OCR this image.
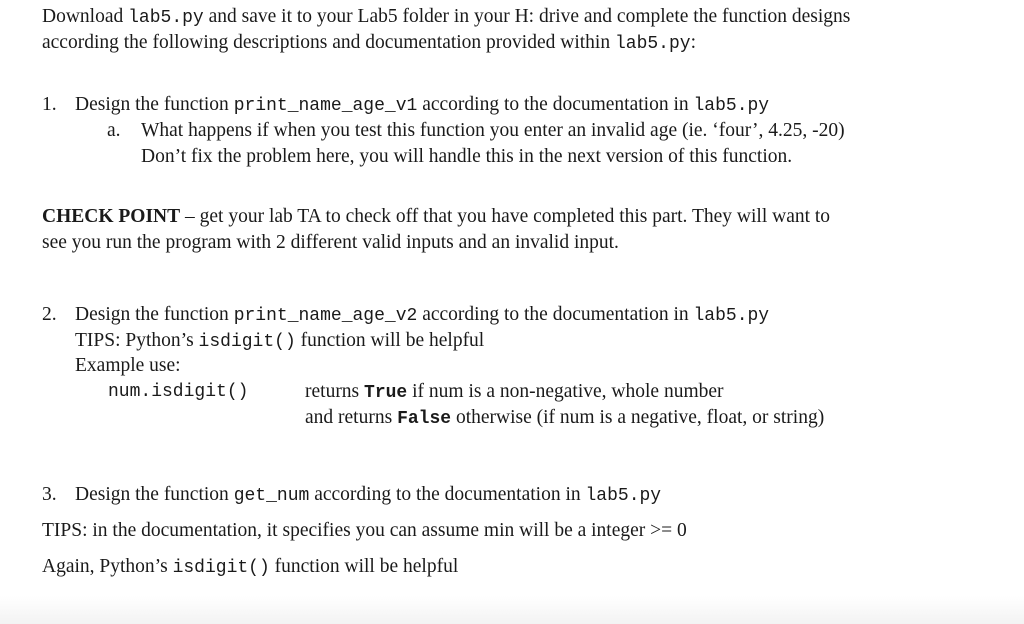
Download lab5.py and save it to your Lab5 folder in your H: drive and complete the function designs
according the following descriptions and documentation provided within lab5.py:
1. Design the function print_name_age_v1 according to the documentation in lab5.py
a. What happens if when you test this function you enter an invalid age (ie. ‘four’, 4.25, -20)
Don’t fix the problem here, you will handle this in the next version of this function.
CHECK POINT – get your lab TA to check off that you have completed this part. They will want to
see you run the program with 2 different valid inputs and an invalid input.
2. Design the function print_name_age_v2 according to the documentation in lab5.py
TIPS: Python’s isdigit() function will be helpful
Example use:
num.isdigit()	returns True if num is a non-negative, whole number
and returns False otherwise (if num is a negative, float, or string)
3. Design the function get_num according to the documentation in lab5.py
TIPS: in the documentation, it specifies you can assume min will be a integer >= 0
Again, Python’s isdigit() function will be helpful
